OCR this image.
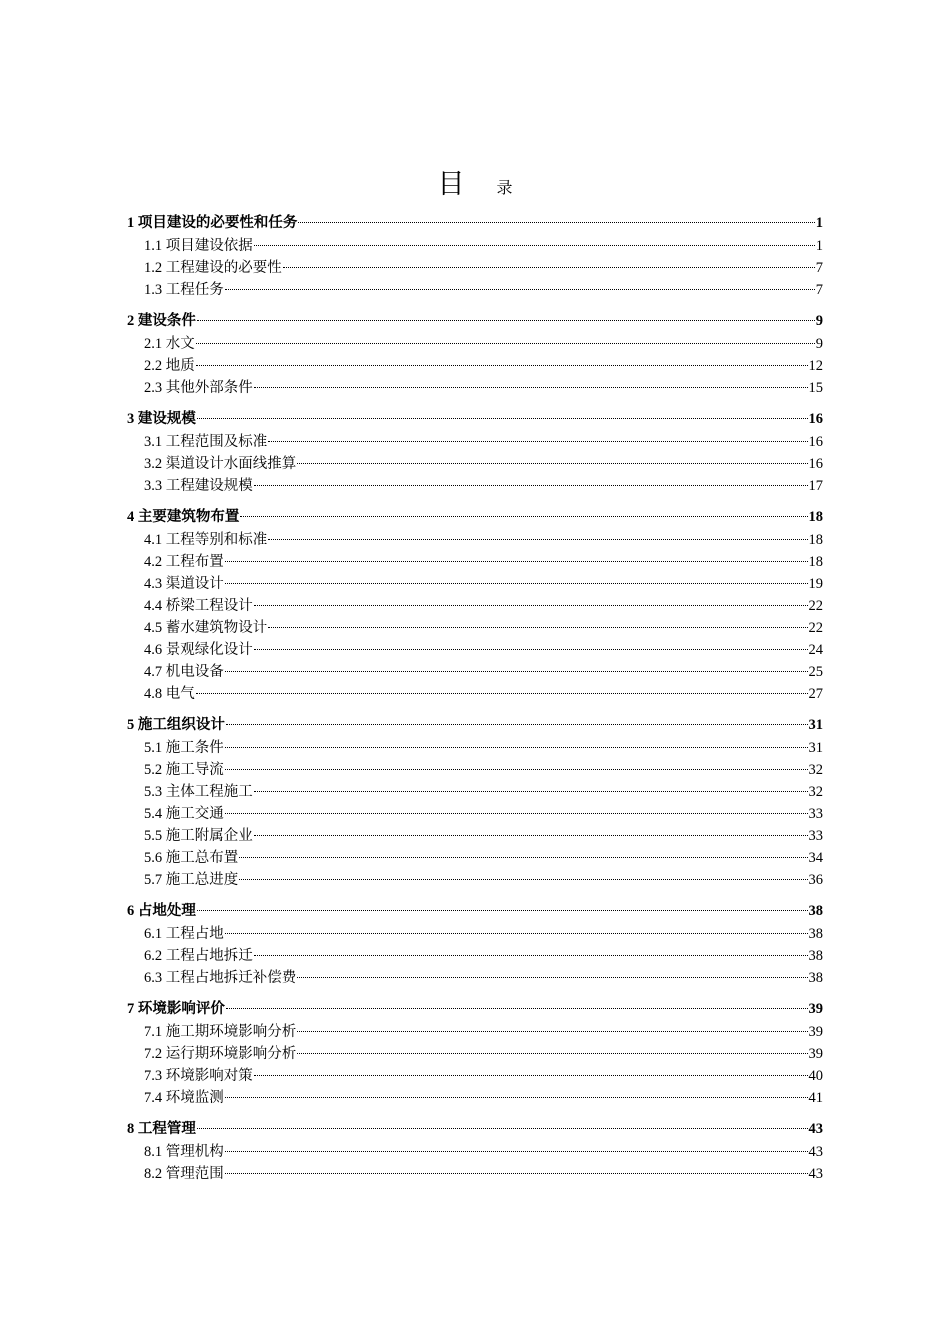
目 录
1 项目建设的必要性和任务	1
1.1 项目建设依据	1
1.2 工程建设的必要性	7
1.3 工程任务	7
2 建设条件	9
2.1 水文	9
2.2 地质	12
2.3 其他外部条件	15
3 建设规模	16
3.1 工程范围及标准	16
3.2 渠道设计水面线推算	16
3.3 工程建设规模	17
4 主要建筑物布置	18
4.1 工程等别和标准	18
4.2 工程布置	18
4.3 渠道设计	19
4.4 桥梁工程设计	22
4.5 蓄水建筑物设计	22
4.6 景观绿化设计	24
4.7 机电设备	25
4.8 电气	27
5 施工组织设计	31
5.1 施工条件	31
5.2 施工导流	32
5.3 主体工程施工	32
5.4 施工交通	33
5.5 施工附属企业	33
5.6 施工总布置	34
5.7 施工总进度	36
6 占地处理	38
6.1 工程占地	38
6.2 工程占地拆迁	38
6.3 工程占地拆迁补偿费	38
7 环境影响评价	39
7.1 施工期环境影响分析	39
7.2 运行期环境影响分析	39
7.3 环境影响对策	40
7.4 环境监测	41
8 工程管理	43
8.1 管理机构	43
8.2 管理范围	43
